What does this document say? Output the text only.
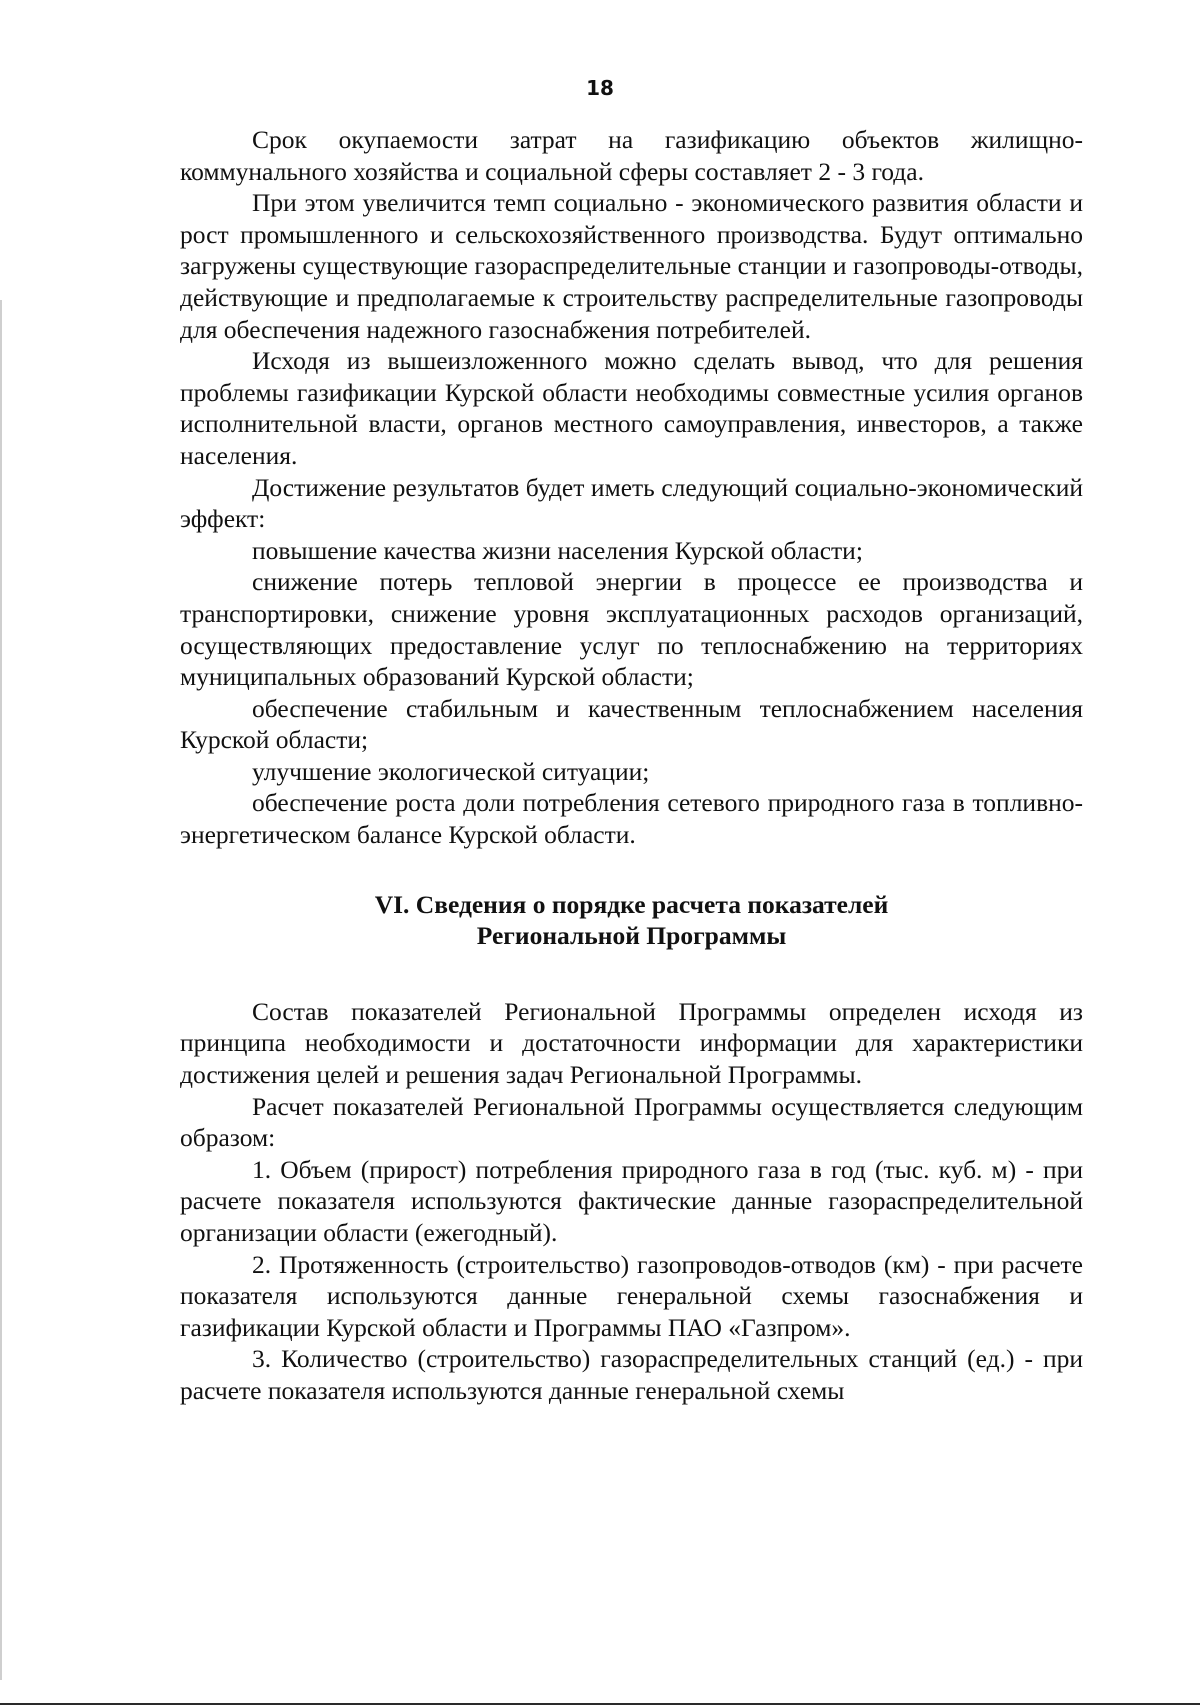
18

Срок окупаемости затрат на газификацию объектов жилищно-коммунального хозяйства и социальной сферы составляет 2 - 3 года.

При этом увеличится темп социально - экономического развития области и рост промышленного и сельскохозяйственного производства. Будут оптимально загружены существующие газораспределительные станции и газопроводы-отводы, действующие и предполагаемые к строительству распределительные газопроводы для обеспечения надежного газоснабжения потребителей.

Исходя из вышеизложенного можно сделать вывод, что для решения проблемы газификации Курской области необходимы совместные усилия органов исполнительной власти, органов местного самоуправления, инвесторов, а также населения.

Достижение результатов будет иметь следующий социально-экономический эффект:

повышение качества жизни населения Курской области;

снижение потерь тепловой энергии в процессе ее производства и транспортировки, снижение уровня эксплуатационных расходов организаций, осуществляющих предоставление услуг по теплоснабжению на территориях муниципальных образований Курской области;

обеспечение стабильным и качественным теплоснабжением населения Курской области;

улучшение экологической ситуации;

обеспечение роста доли потребления сетевого природного газа в топливно-энергетическом балансе Курской области.

VI. Сведения о порядке расчета показателей

Региональной Программы

Состав показателей Региональной Программы определен исходя из принципа необходимости и достаточности информации для характеристики достижения целей и решения задач Региональной Программы.

Расчет показателей Региональной Программы осуществляется следующим образом:

1. Объем (прирост) потребления природного газа в год (тыс. куб. м) - при расчете показателя используются фактические данные газораспределительной организации области (ежегодный).

2. Протяженность (строительство) газопроводов-отводов (км) - при расчете показателя используются данные генеральной схемы газоснабжения и газификации Курской области и Программы ПАО «Газпром».

3. Количество (строительство) газораспределительных станций (ед.) - при расчете показателя используются данные генеральной схемы
